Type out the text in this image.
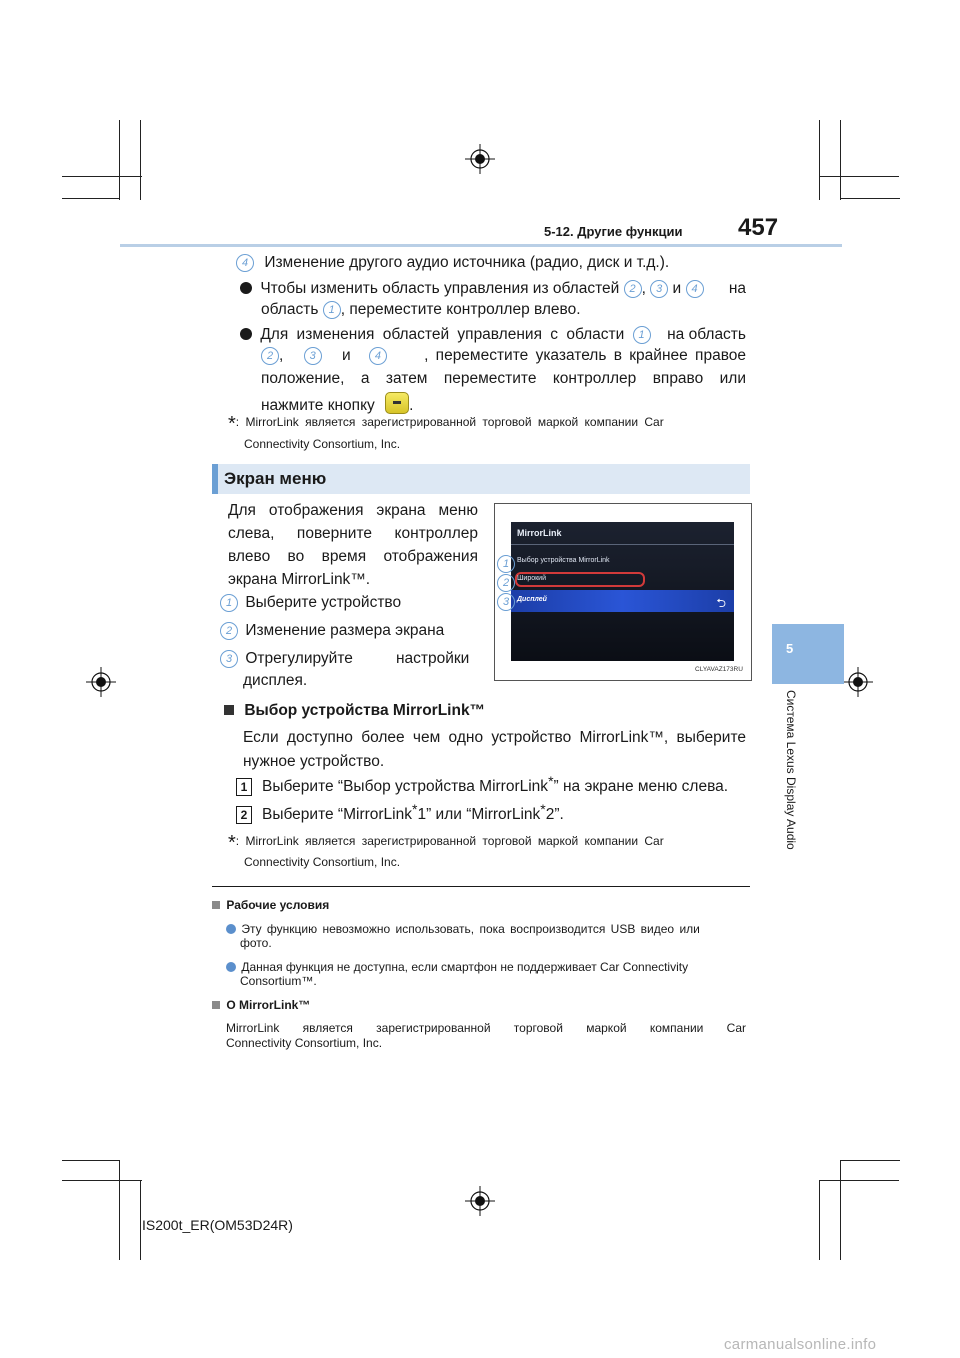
5-12. Другие функции 457
5
Система Lexus Display Audio
4 Изменение другого аудио источника (радио, диск и т.д.).
Чтобы изменить область управления из областей 2 , 3 и 4 на
область 1 , переместите контроллер влево.
Для изменения областей управления с области 1 на область
2 , 3 и 4	, переместите указатель в крайнее правое
положение, а затем переместите контроллер вправо или
нажмите кнопку .
*: MirrorLink является зарегистрированной торговой маркой компании Car
Connectivity Consortium, Inc.
Экран меню
Для отображения экрана меню
слева, поверните контроллер
влево во время отображения
экрана MirrorLink™.
1 Выберите устройство
2 Изменение размера экрана
3 Отрегулируйте          настройки
дисплея.
MirrorLink
Выбор устройства MirrorLink
Широкий
Дисплей	⮌
1
2
3
CLYAVAZ173RU
Выбор устройства MirrorLink™
Если доступно более чем одно устройство MirrorLink™, выберите
нужное устройство.
1 Выберите “Выбор устройства MirrorLink*” на экране меню слева.
2 Выберите “MirrorLink*1” или “MirrorLink*2”.
*: MirrorLink является зарегистрированной торговой маркой компании Car
Connectivity Consortium, Inc.
Рабочие условия
Эту функцию невозможно использовать, пока воспроизводится USB видео или
фото.
Данная функция не доступна, если смартфон не поддерживает Car Connectivity
Consortium™.
О MirrorLink™
MirrorLink является зарегистрированной торговой маркой компании Car
Connectivity Consortium, Inc.
IS200t_ER(OM53D24R)
carmanualsonline.info
